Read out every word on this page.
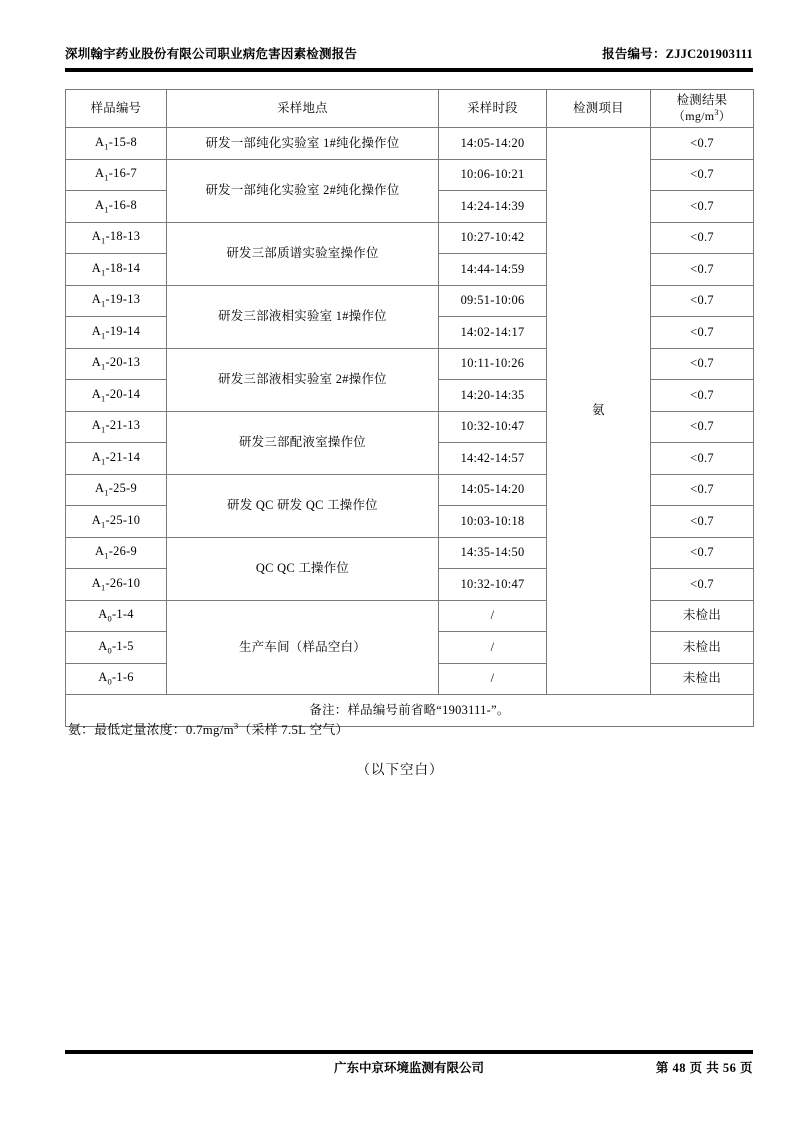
深圳翰宇药业股份有限公司职业病危害因素检测报告	报告编号：ZJJC201903111
样品编号	采样地点	采样时段	检测项目	检测结果
$(mg/m^3)$

$A_1-15-8$	研发一部纯化实验室 1#纯化操作位	14:05-14:20	氨	<0.7
$A_1-16-7$	研发一部纯化实验室 2#纯化操作位	10:06-10:21		<0.7
$A_1-16-8$		14:24-14:39		<0.7
$A_1-18-13$	研发三部质谱实验室操作位	10:27-10:42		<0.7
$A_1-18-14$		14:44-14:59		<0.7
$A_1-19-13$	研发三部液相实验室 1#操作位	09:51-10:06		<0.7
$A_1-19-14$		14:02-14:17		<0.7
$A_1-20-13$	研发三部液相实验室 2#操作位	10:11-10:26		<0.7
$A_1-20-14$		14:20-14:35		<0.7
$A_1-21-13$	研发三部配液室操作位	10:32-10:47		<0.7
$A_1-21-14$		14:42-14:57		<0.7
$A_1-25-9$	研发 QC 研发 QC 工操作位	14:05-14:20		<0.7
$A_1-25-10$		10:03-10:18		<0.7
$A_1-26-9$	QC QC 工操作位	14:35-14:50		<0.7
$A_1-26-10$		10:32-10:47		<0.7
$A_0-1-4$	生产车间（样品空白）	/		未检出
$A_0-1-5$		/		未检出
$A_0-1-6$		/		未检出
备注：样品编号前省略“1903111-”。				
氨：最低定量浓度：$0.7mg/m^3$（采样 7.5L 空气）
（以下空白）
广东中京环境监测有限公司	第 48 页 共 56 页
